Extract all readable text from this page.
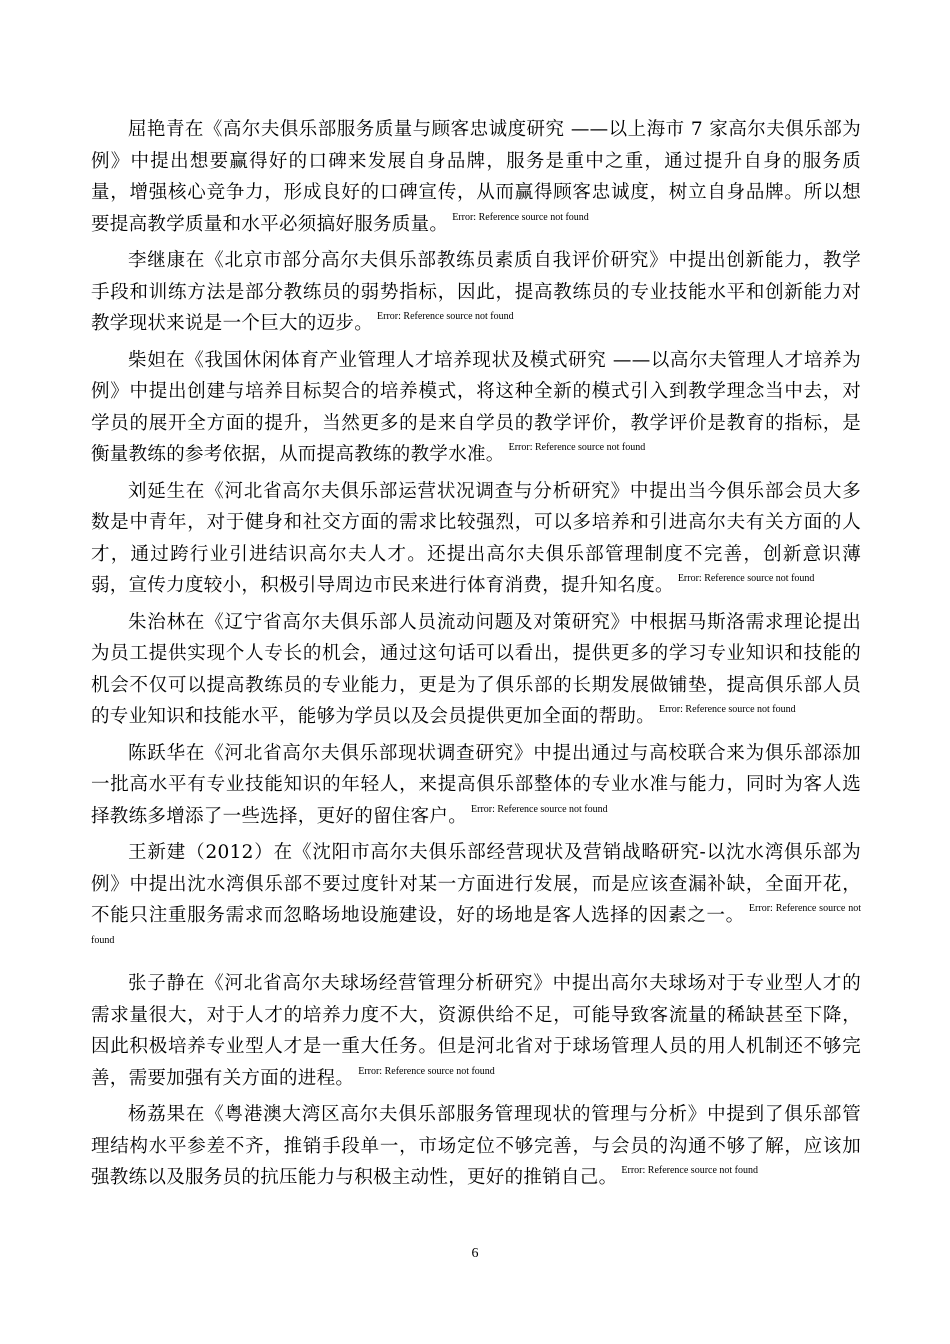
屈艳青在《高尔夫俱乐部服务质量与顾客忠诚度研究 ——以上海市 7 家高尔夫俱乐部为例》中提出想要赢得好的口碑来发展自身品牌，服务是重中之重，通过提升自身的服务质量，增强核心竞争力，形成良好的口碑宣传，从而赢得顾客忠诚度，树立自身品牌。所以想要提高教学质量和水平必须搞好服务质量。 $^{Error: Reference source not found}$

李继康在《北京市部分高尔夫俱乐部教练员素质自我评价研究》中提出创新能力，教学手段和训练方法是部分教练员的弱势指标，因此，提高教练员的专业技能水平和创新能力对教学现状来说是一个巨大的迈步。 $^{Error: Reference source not found}$

柴妲在《我国休闲体育产业管理人才培养现状及模式研究 ——以高尔夫管理人才培养为例》中提出创建与培养目标契合的培养模式，将这种全新的模式引入到教学理念当中去，对学员的展开全方面的提升，当然更多的是来自学员的教学评价，教学评价是教育的指标，是衡量教练的参考依据，从而提高教练的教学水准。 $^{Error: Reference source not found}$

刘延生在《河北省高尔夫俱乐部运营状况调查与分析研究》中提出当今俱乐部会员大多数是中青年，对于健身和社交方面的需求比较强烈，可以多培养和引进高尔夫有关方面的人才，通过跨行业引进结识高尔夫人才。还提出高尔夫俱乐部管理制度不完善，创新意识薄弱，宣传力度较小，积极引导周边市民来进行体育消费，提升知名度。 $^{Error: Reference source not found}$

朱治林在《辽宁省高尔夫俱乐部人员流动问题及对策研究》中根据马斯洛需求理论提出为员工提供实现个人专长的机会，通过这句话可以看出，提供更多的学习专业知识和技能的机会不仅可以提高教练员的专业能力，更是为了俱乐部的长期发展做铺垫，提高俱乐部人员的专业知识和技能水平，能够为学员以及会员提供更加全面的帮助。 $^{Error: Reference source not found}$

陈跃华在《河北省高尔夫俱乐部现状调查研究》中提出通过与高校联合来为俱乐部添加一批高水平有专业技能知识的年轻人，来提高俱乐部整体的专业水准与能力，同时为客人选择教练多增添了一些选择，更好的留住客户。 $^{Error: Reference source not found}$

王新建（2012）在《沈阳市高尔夫俱乐部经营现状及营销战略研究-以沈水湾俱乐部为例》中提出沈水湾俱乐部不要过度针对某一方面进行发展，而是应该查漏补缺，全面开花，不能只注重服务需求而忽略场地设施建设，好的场地是客人选择的因素之一。 $^{Error: Reference source not found}$

张子静在《河北省高尔夫球场经营管理分析研究》中提出高尔夫球场对于专业型人才的需求量很大，对于人才的培养力度不大，资源供给不足，可能导致客流量的稀缺甚至下降，因此积极培养专业型人才是一重大任务。但是河北省对于球场管理人员的用人机制还不够完善，需要加强有关方面的进程。 $^{Error: Reference source not found}$

杨荔果在《粤港澳大湾区高尔夫俱乐部服务管理现状的管理与分析》中提到了俱乐部管理结构水平参差不齐，推销手段单一，市场定位不够完善，与会员的沟通不够了解，应该加强教练以及服务员的抗压能力与积极主动性，更好的推销自己。 $^{Error: Reference source not found}$

6
